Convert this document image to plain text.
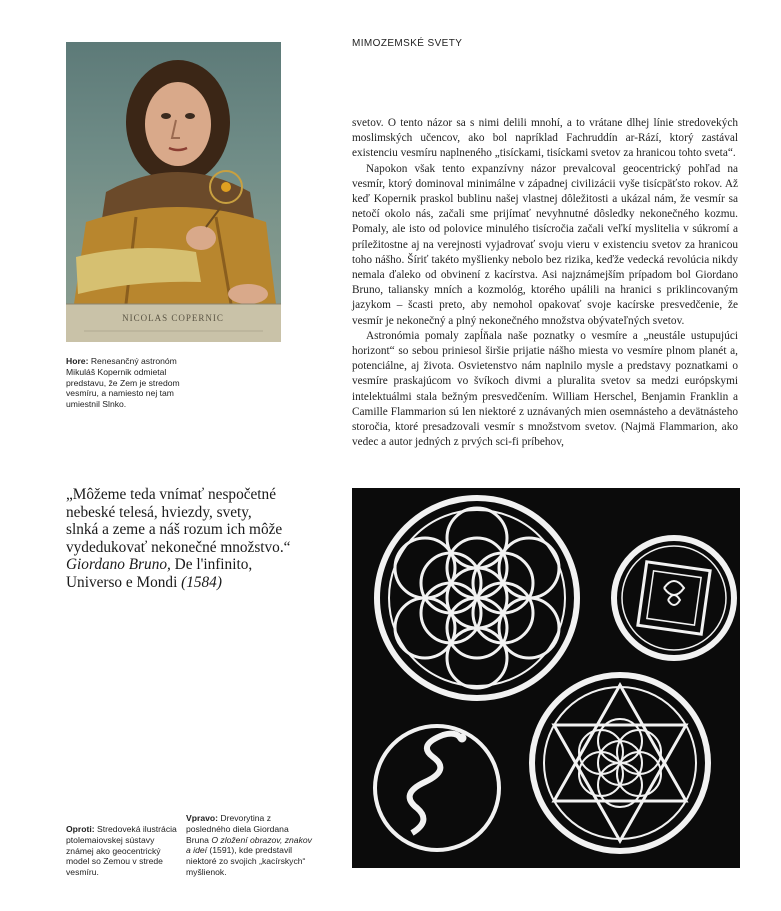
MIMOZEMSKÉ SVETY
NICOLAS COPERNIC
Hore: Renesančný astronóm Mikuláš Kopernik odmietal predstavu, že Zem je stredom vesmíru, a namiesto nej tam umiestnil Slnko.

svetov. O tento názor sa s nimi delili mnohí, a to vrátane dlhej línie stredovekých moslimských učencov, ako bol napríklad Fachruddín ar-Rází, ktorý zastával existenciu vesmíru naplneného „tisíckami, tisíckami svetov za hranicou tohto sveta“.

Napokon však tento expanzívny názor prevalcoval geocentrický pohľad na vesmír, ktorý dominoval minimálne v západnej civilizácii vyše tisícpäťsto rokov. Až keď Kopernik praskol bublinu našej vlastnej dôležitosti a ukázal nám, že vesmír sa netočí okolo nás, začali sme prijímať nevyhnutné dôsledky nekonečného kozmu. Pomaly, ale isto od polovice minulého tisícročia začali veľkí myslitelia v súkromí a príležitostne aj na verejnosti vyjadrovať svoju vieru v existenciu svetov za hranicou toho nášho. Šíriť takéto myšlienky nebolo bez rizika, keďže vedecká revolúcia nikdy nemala ďaleko od obvinení z kacírstva. Asi najznámejším prípadom bol Giordano Bruno, taliansky mních a kozmológ, ktorého upálili na hranici s priklincovaným jazykom – šcasti preto, aby nemohol opakovať svoje kacírske presvedčenie, že vesmír je nekonečný a plný nekonečného množstva obývateľných svetov.

Astronómia pomaly zapĺňala naše poznatky o vesmíre a „neustále ustupujúci horizont“ so sebou priniesol širšie prijatie nášho miesta vo vesmíre plnom planét a, potenciálne, aj života. Osvietenstvo nám naplnilo mysle a predstavy poznatkami o vesmíre praskajúcom vo švíkoch divmi a pluralita svetov sa medzi európskymi intelektuálmi stala bežným presvedčením. William Herschel, Benjamin Franklin a Camille Flammarion sú len niektoré z uznávaných mien osemnásteho a devätnásteho storočia, ktoré presadzovali vesmír s množstvom svetov. (Najmä Flammarion, ako vedec a autor jedných z prvých sci-fi príbehov,

„Môžeme teda vnímať nespočetné
nebeské telesá, hviezdy, svety,
slnká a zeme a náš rozum ich môže
vydedukovať nekonečné množstvo.“
Giordano Bruno, De l'infinito,
Universo e Mondi (1584)
Oproti: Stredoveká ilustrácia ptolemaiovskej sústavy známej ako geocentrický model so Zemou v strede vesmíru.
Vpravo: Drevorytina z posledného diela Giordana Bruna O zložení obrazov, znakov a ideí (1591), kde predstavil niektoré zo svojich „kacírskych“ myšlienok.
